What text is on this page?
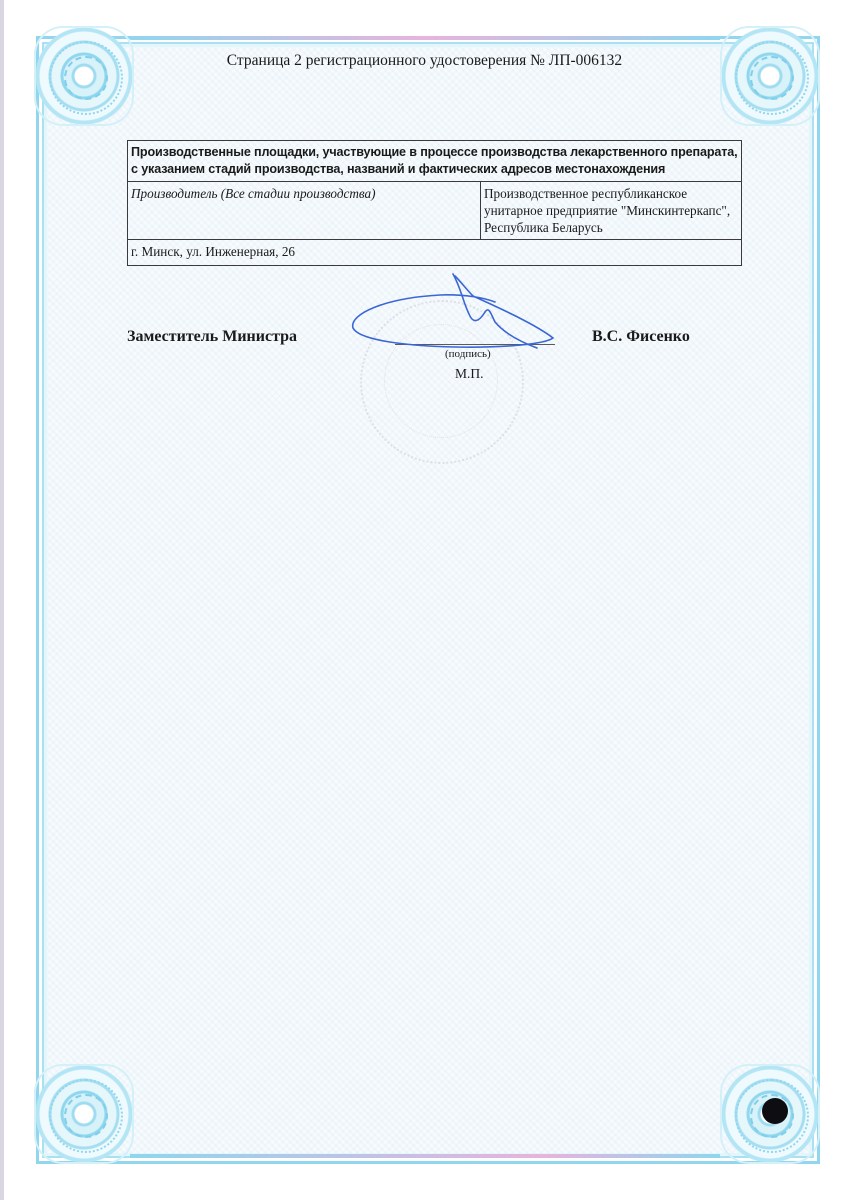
Страница 2 регистрационного удостоверения № ЛП-006132
Производственные площадки, участвующие в процессе производства лекарственного препарата, с указанием стадий производства, названий и фактических адресов местонахождения
Производитель (Все стадии производства)	Производственное республиканское унитарное предприятие "Минскинтеркапс", Республика Беларусь
г. Минск, ул. Инженерная, 26
Заместитель Министра
(подпись)
М.П.
В.С. Фисенко
